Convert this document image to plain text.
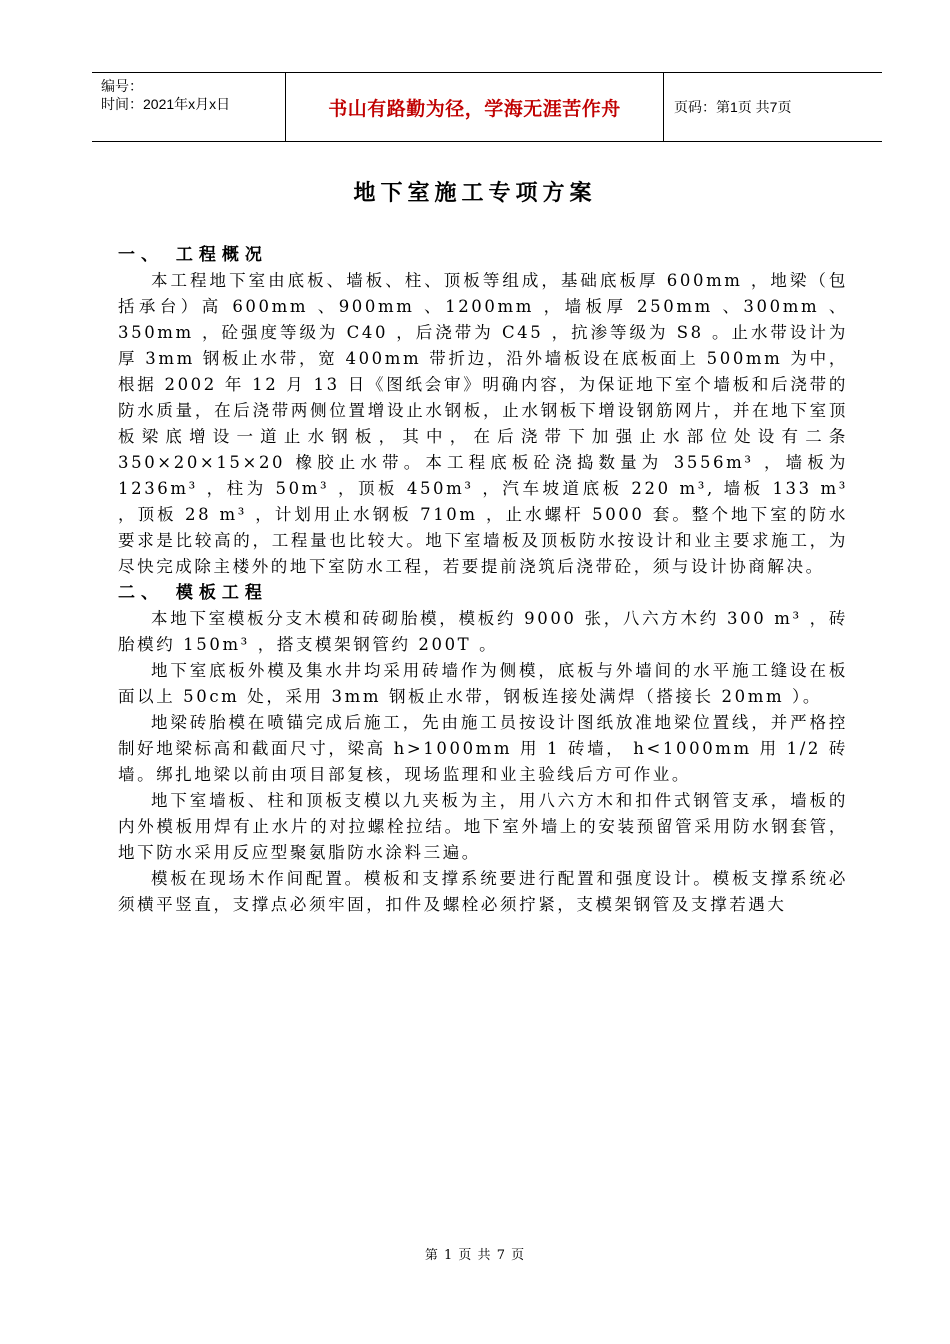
编号：
时间：2021年x月x日	书山有路勤为径，学海无涯苦作舟	页码：第1页 共7页
地下室施工专项方案
一、 工程概况

本工程地下室由底板、墙板、柱、顶板等组成，基础底板厚 600mm ，地梁（包括承台）高 600mm 、900mm 、1200mm ，墙板厚 250mm 、300mm 、350mm ，砼强度等级为 C40 ，后浇带为 C45 ，抗渗等级为 S8 。止水带设计为厚 3mm 钢板止水带，宽 400mm 带折边，沿外墙板设在底板面上 500mm 为中，根据 2002 年 12 月 13 日《图纸会审》明确内容，为保证地下室个墙板和后浇带的防水质量，在后浇带两侧位置增设止水钢板，止水钢板下增设钢筋网片，并在地下室顶板梁底增设一道止水钢板，其中，在后浇带下加强止水部位处设有二条 350×20×15×20 橡胶止水带。本工程底板砼浇捣数量为 3556m³ ，墙板为 1236m³ ，柱为 50m³ ，顶板 450m³ ，汽车坡道底板 220 m³, 墙板 133 m³ ，顶板 28 m³ ，计划用止水钢板 710m ，止水螺杆 5000 套。整个地下室的防水要求是比较高的，工程量也比较大。地下室墙板及顶板防水按设计和业主要求施工，为尽快完成除主楼外的地下室防水工程，若要提前浇筑后浇带砼，须与设计协商解决。

二、 模板工程

本地下室模板分支木模和砖砌胎模，模板约 9000 张，八六方木约 300 m³ ，砖胎模约 150m³ ，搭支模架钢管约 200T 。

地下室底板外模及集水井均采用砖墙作为侧模，底板与外墙间的水平施工缝设在板面以上 50cm 处，采用 3mm 钢板止水带，钢板连接处满焊（搭接长 20mm ）。

地梁砖胎模在喷锚完成后施工，先由施工员按设计图纸放准地梁位置线，并严格控制好地梁标高和截面尺寸，梁高 h>1000mm 用 1 砖墙， h<1000mm 用 1/2 砖墙。绑扎地梁以前由项目部复核，现场监理和业主验线后方可作业。

地下室墙板、柱和顶板支模以九夹板为主，用八六方木和扣件式钢管支承，墙板的内外模板用焊有止水片的对拉螺栓拉结。地下室外墙上的安装预留管采用防水钢套管，地下防水采用反应型聚氨脂防水涂料三遍。

模板在现场木作间配置。模板和支撑系统要进行配置和强度设计。模板支撑系统必须横平竖直，支撑点必须牢固，扣件及螺栓必须拧紧，支模架钢管及支撑若遇大

第 1 页 共 7 页
